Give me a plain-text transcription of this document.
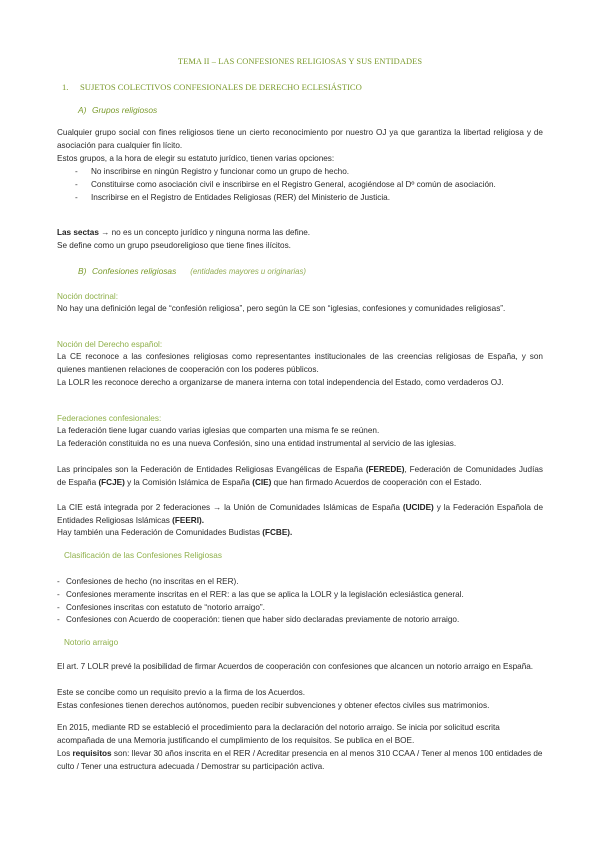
TEMA II – LAS CONFESIONES RELIGIOSAS Y SUS ENTIDADES
1. SUJETOS COLECTIVOS CONFESIONALES DE DERECHO ECLESIÁSTICO
A) Grupos religiosos
Cualquier grupo social con fines religiosos tiene un cierto reconocimiento por nuestro OJ ya que garantiza la libertad religiosa y de asociación para cualquier fin lícito.
Estos grupos, a la hora de elegir su estatuto jurídico, tienen varias opciones:
- No inscribirse en ningún Registro y funcionar como un grupo de hecho.
- Constituirse como asociación civil e inscribirse en el Registro General, acogiéndose al Dº común de asociación.
- Inscribirse en el Registro de Entidades Religiosas (RER) del Ministerio de Justicia.
Las sectas → no es un concepto jurídico y ninguna norma las define.
Se define como un grupo pseudoreligioso que tiene fines ilícitos.
B) Confesiones religiosas (entidades mayores u originarias)
Noción doctrinal:
No hay una definición legal de “confesión religiosa”, pero según la CE son “iglesias, confesiones y comunidades religiosas”.
Noción del Derecho español:
La CE reconoce a las confesiones religiosas como representantes institucionales de las creencias religiosas de España, y son quienes mantienen relaciones de cooperación con los poderes públicos.
La LOLR les reconoce derecho a organizarse de manera interna con total independencia del Estado, como verdaderos OJ.
Federaciones confesionales:
La federación tiene lugar cuando varias iglesias que comparten una misma fe se reúnen.
La federación constituida no es una nueva Confesión, sino una entidad instrumental al servicio de las iglesias.
Las principales son la Federación de Entidades Religiosas Evangélicas de España (FEREDE), Federación de Comunidades Judías de España (FCJE) y la Comisión Islámica de España (CIE) que han firmado Acuerdos de cooperación con el Estado.
La CIE está integrada por 2 federaciones → la Unión de Comunidades Islámicas de España (UCIDE) y la Federación Española de Entidades Religiosas Islámicas (FEERI).
Hay también una Federación de Comunidades Budistas (FCBE).
Clasificación de las Confesiones Religiosas
- Confesiones de hecho (no inscritas en el RER).
- Confesiones meramente inscritas en el RER: a las que se aplica la LOLR y la legislación eclesiástica general.
- Confesiones inscritas con estatuto de “notorio arraigo”.
- Confesiones con Acuerdo de cooperación: tienen que haber sido declaradas previamente de notorio arraigo.
Notorio arraigo
El art. 7 LOLR prevé la posibilidad de firmar Acuerdos de cooperación con confesiones que alcancen un notorio arraigo en España.
Este se concibe como un requisito previo a la firma de los Acuerdos.
Estas confesiones tienen derechos autónomos, pueden recibir subvenciones y obtener efectos civiles sus matrimonios.
En 2015, mediante RD se estableció el procedimiento para la declaración del notorio arraigo. Se inicia por solicitud escrita acompañada de una Memoria justificando el cumplimiento de los requisitos. Se publica en el BOE.
Los requisitos son: llevar 30 años inscrita en el RER / Acreditar presencia en al menos 310 CCAA / Tener al menos 100 entidades de culto / Tener una estructura adecuada / Demostrar su participación activa.
